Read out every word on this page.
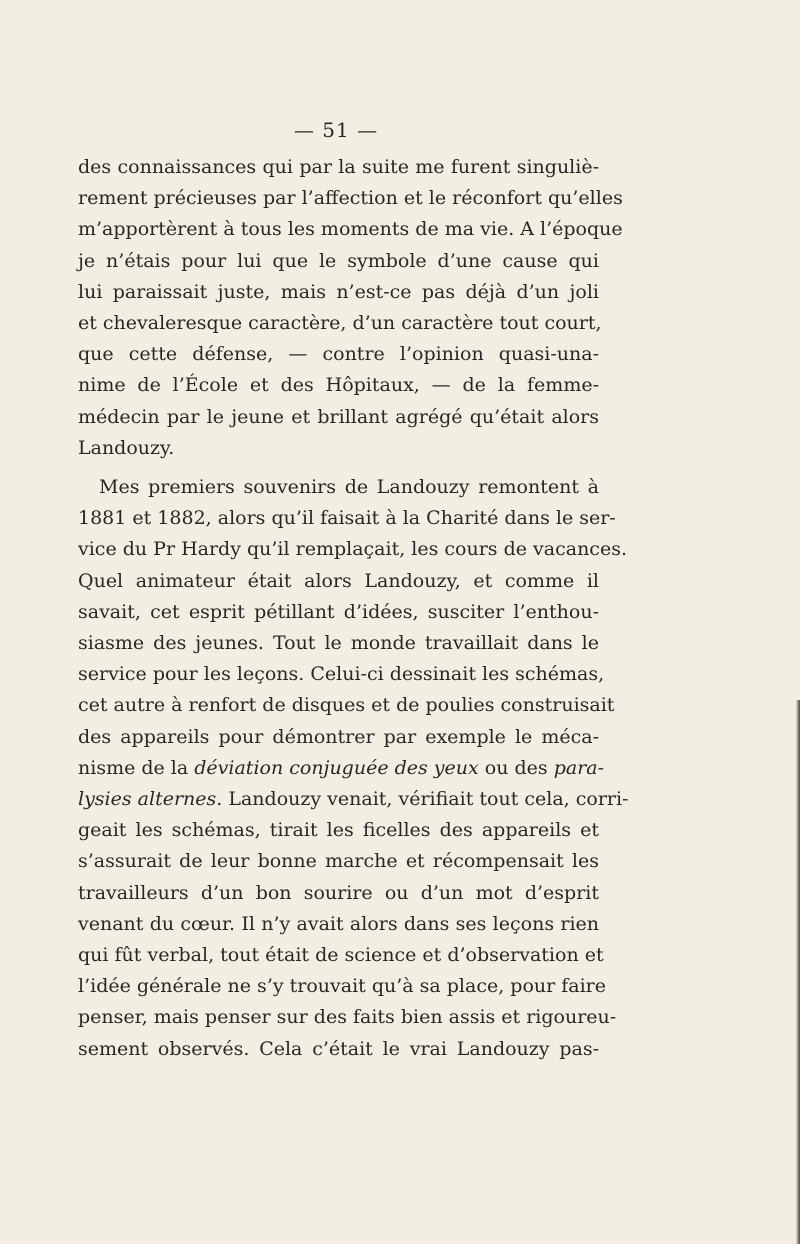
— 51 —
des connaissances qui par la suite me furent singuliè-
rement précieuses par l’affection et le réconfort qu’elles
m’apportèrent à tous les moments de ma vie. A l’époque
je n’étais pour lui que le symbole d’une cause qui
lui paraissait juste, mais n’est-ce pas déjà d’un joli
et chevaleresque caractère, d’un caractère tout court,
que cette défense, — contre l’opinion quasi-una-
nime de l’École et des Hôpitaux, — de la femme-
médecin par le jeune et brillant agrégé qu’était alors
Landouzy.
Mes premiers souvenirs de Landouzy remontent à
1881 et 1882, alors qu’il faisait à la Charité dans le ser-
vice du Pr Hardy qu’il remplaçait, les cours de vacances.
Quel animateur était alors Landouzy, et comme il
savait, cet esprit pétillant d’idées, susciter l’enthou-
siasme des jeunes. Tout le monde travaillait dans le
service pour les leçons. Celui-ci dessinait les schémas,
cet autre à renfort de disques et de poulies construisait
des appareils pour démontrer par exemple le méca-
nisme de la déviation conjuguée des yeux ou des para-
lysies alternes. Landouzy venait, vérifiait tout cela, corri-
geait les schémas, tirait les ficelles des appareils et
s’assurait de leur bonne marche et récompensait les
travailleurs d’un bon sourire ou d’un mot d’esprit
venant du cœur. Il n’y avait alors dans ses leçons rien
qui fût verbal, tout était de science et d’observation et
l’idée générale ne s’y trouvait qu’à sa place, pour faire
penser, mais penser sur des faits bien assis et rigoureu-
sement observés. Cela c’était le vrai Landouzy pas-
